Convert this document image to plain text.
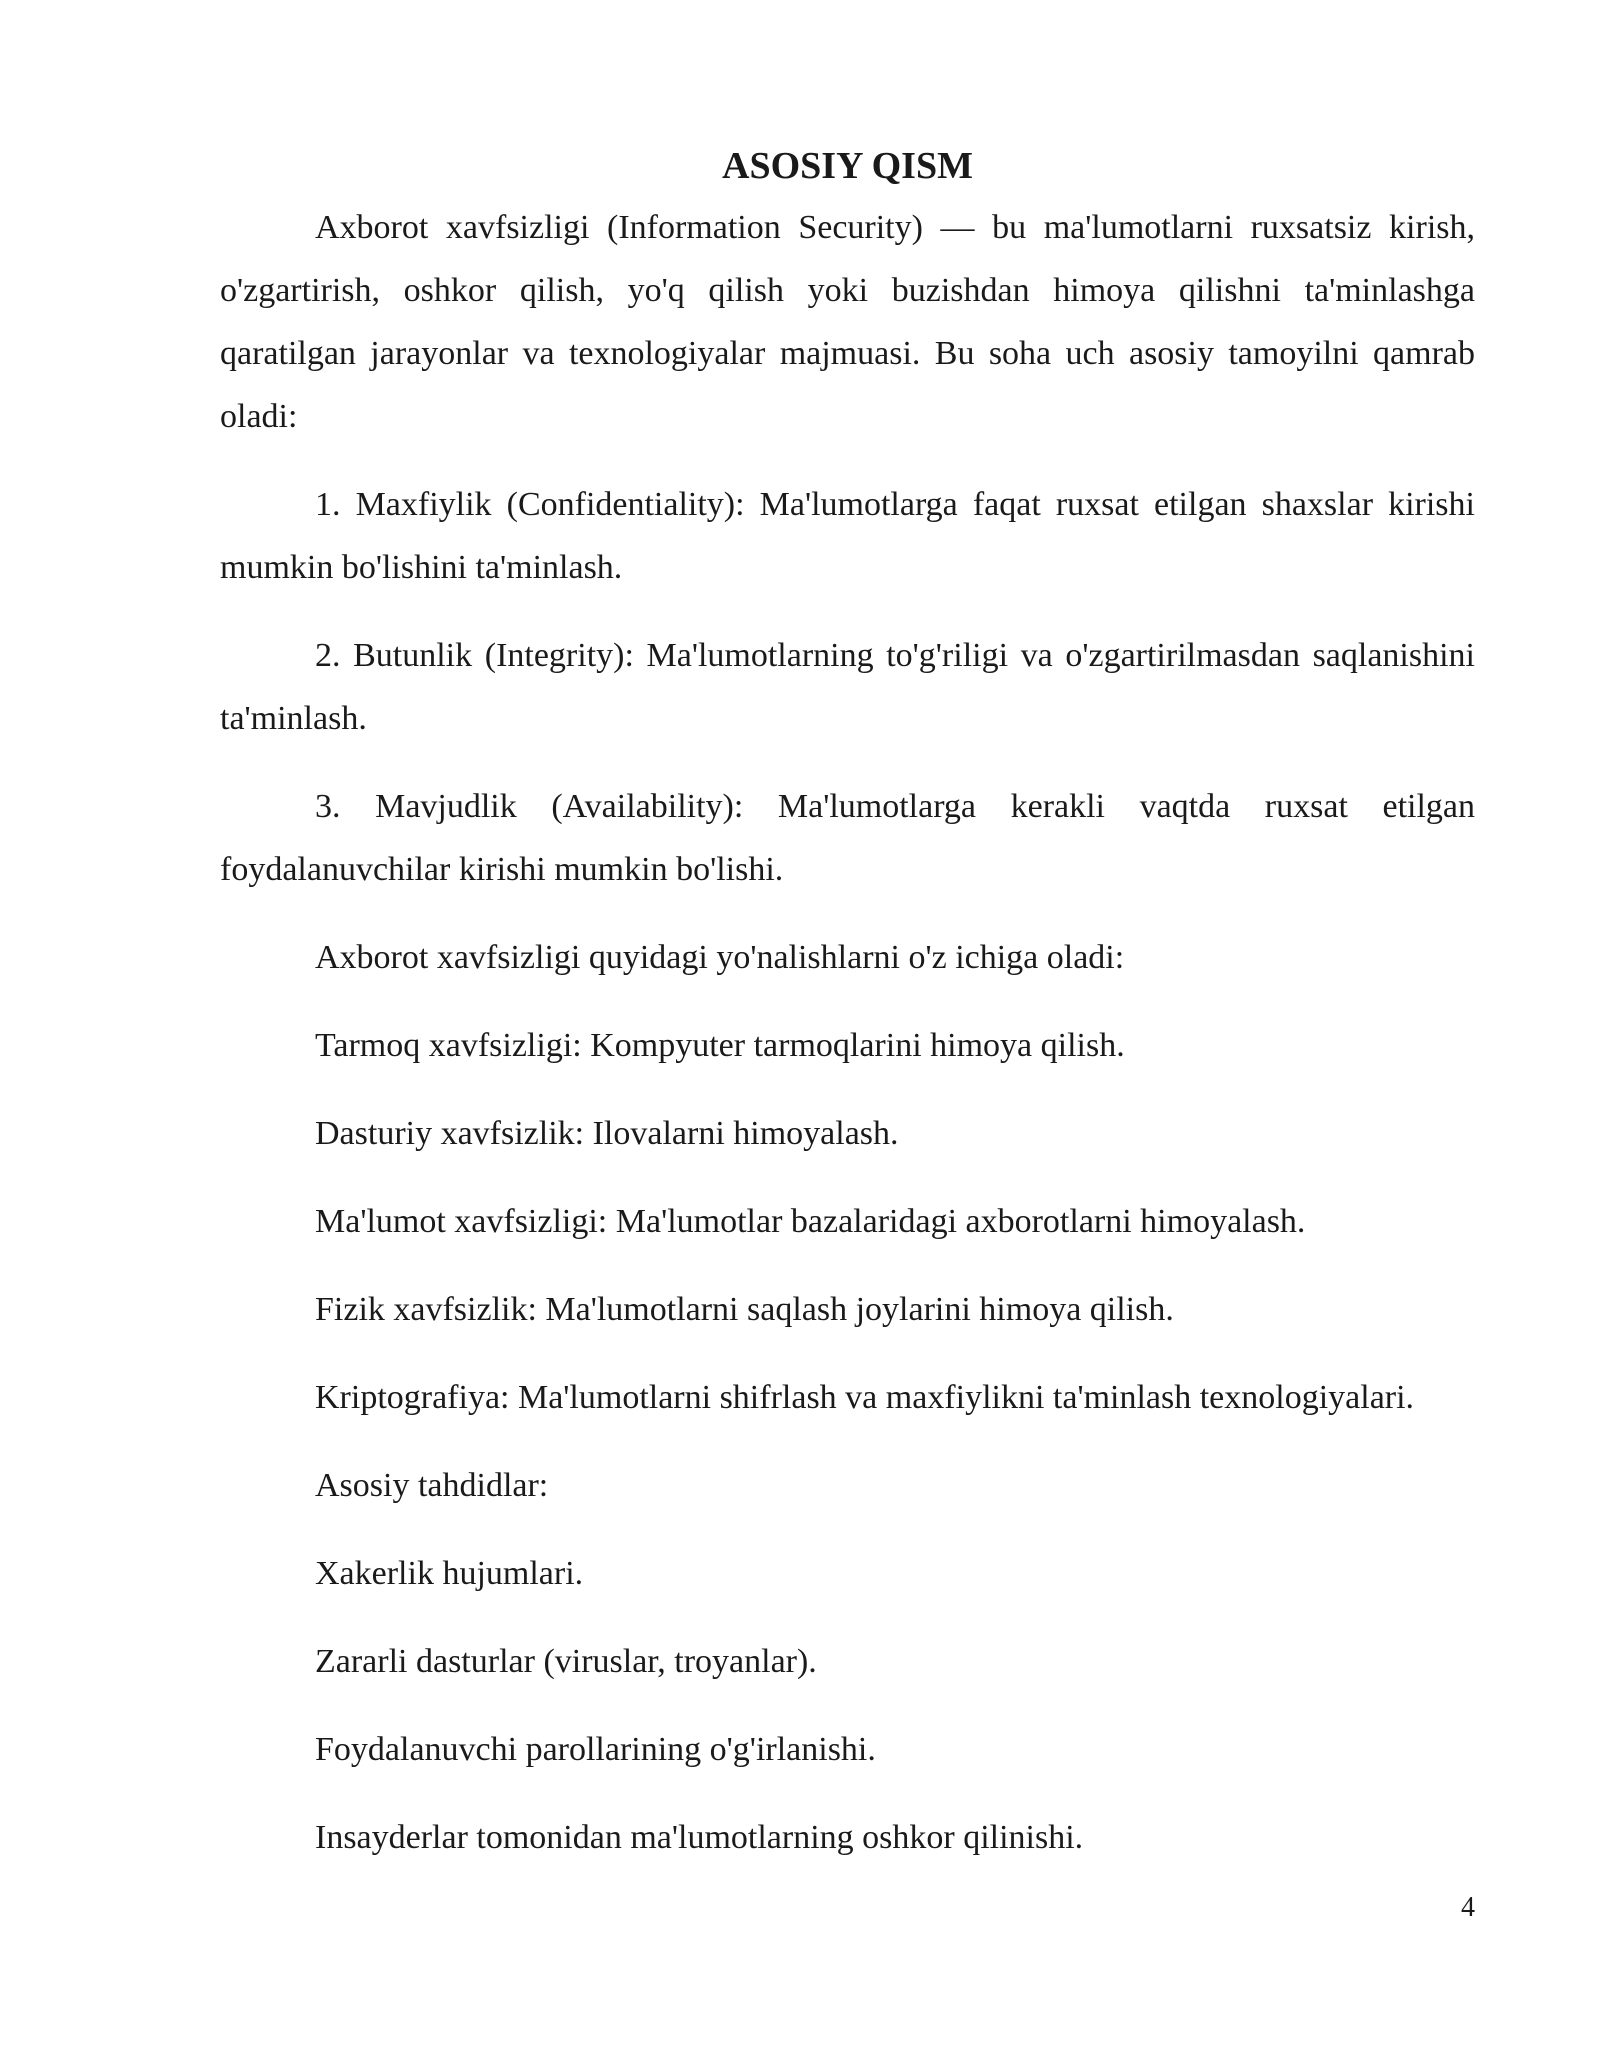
ASOSIY QISM

Axborot xavfsizligi (Information Security) — bu ma'lumotlarni ruxsatsiz kirish, o'zgartirish, oshkor qilish, yo'q qilish yoki buzishdan himoya qilishni ta'minlashga qaratilgan jarayonlar va texnologiyalar majmuasi. Bu soha uch asosiy tamoyilni qamrab oladi:

1. Maxfiylik (Confidentiality): Ma'lumotlarga faqat ruxsat etilgan shaxslar kirishi mumkin bo'lishini ta'minlash.

2. Butunlik (Integrity): Ma'lumotlarning to'g'riligi va o'zgartirilmasdan saqlanishini ta'minlash.

3. Mavjudlik (Availability): Ma'lumotlarga kerakli vaqtda ruxsat etilgan foydalanuvchilar kirishi mumkin bo'lishi.

Axborot xavfsizligi quyidagi yo'nalishlarni o'z ichiga oladi:

Tarmoq xavfsizligi: Kompyuter tarmoqlarini himoya qilish.

Dasturiy xavfsizlik: Ilovalarni himoyalash.

Ma'lumot xavfsizligi: Ma'lumotlar bazalaridagi axborotlarni himoyalash.

Fizik xavfsizlik: Ma'lumotlarni saqlash joylarini himoya qilish.

Kriptografiya: Ma'lumotlarni shifrlash va maxfiylikni ta'minlash texnologiyalari.

Asosiy tahdidlar:

Xakerlik hujumlari.

Zararli dasturlar (viruslar, troyanlar).

Foydalanuvchi parollarining o'g'irlanishi.

Insayderlar tomonidan ma'lumotlarning oshkor qilinishi.

4
